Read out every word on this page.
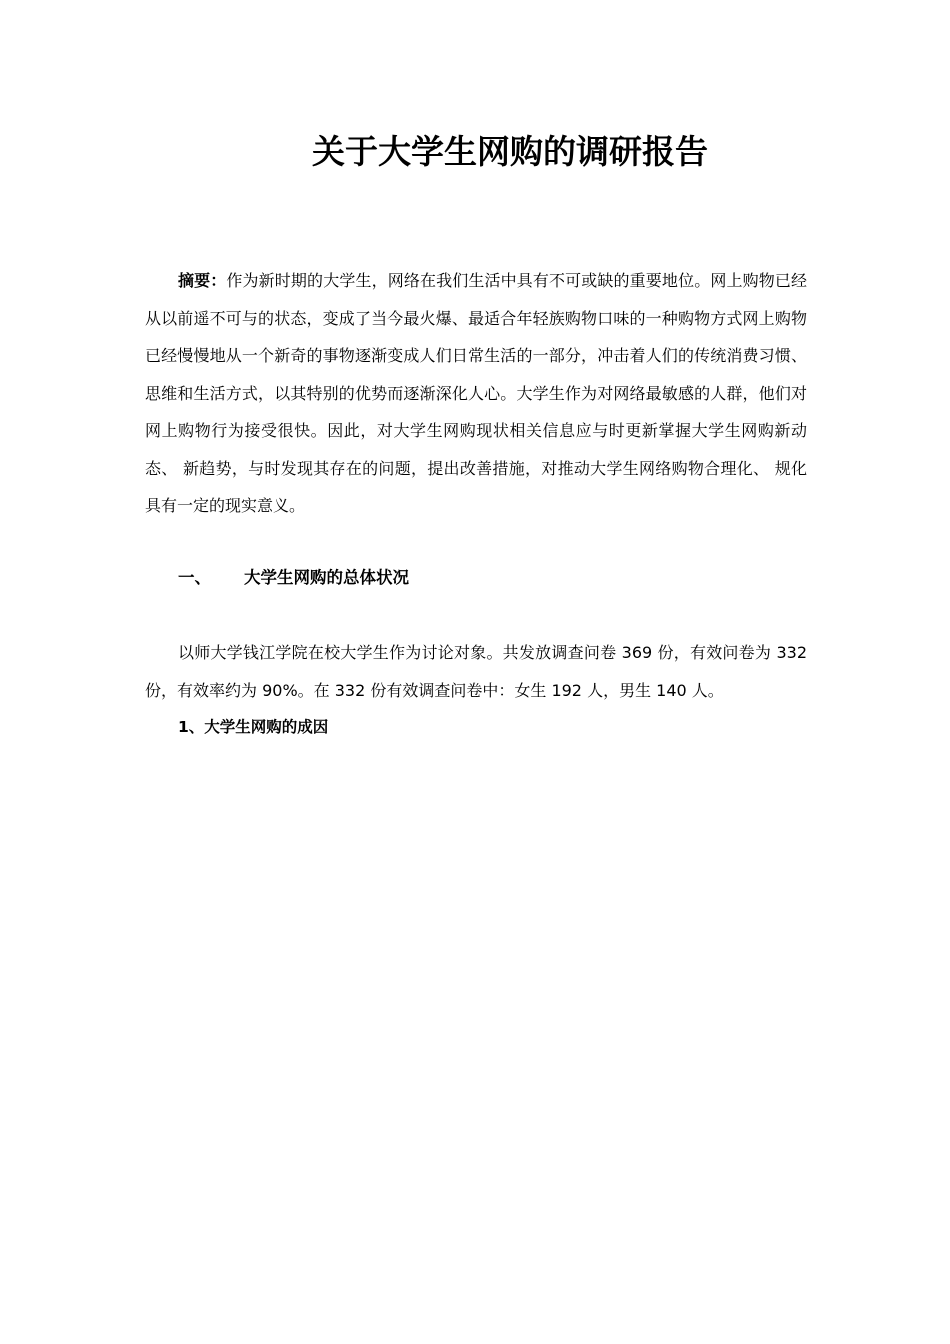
关于大学生网购的调研报告

摘要：作为新时期的大学生，网络在我们生活中具有不可或缺的重要地位。网上购物已经从以前遥不可与的状态，变成了当今最火爆、最适合年轻族购物口味的一种购物方式网上购物已经慢慢地从一个新奇的事物逐渐变成人们日常生活的一部分，冲击着人们的传统消费习惯、思维和生活方式，以其特别的优势而逐渐深化人心。大学生作为对网络最敏感的人群，他们对网上购物行为接受很快。因此，对大学生网购现状相关信息应与时更新掌握大学生网购新动态、 新趋势，与时发现其存在的问题，提出改善措施，对推动大学生网络购物合理化、 规化具有一定的现实意义。

一、 大学生网购的总体状况

以师大学钱江学院在校大学生作为讨论对象。共发放调查问卷 369 份，有效问卷为 332 份，有效率约为 90%。在 332 份有效调查问卷中：女生 192 人，男生 140 人。

1、大学生网购的成因
